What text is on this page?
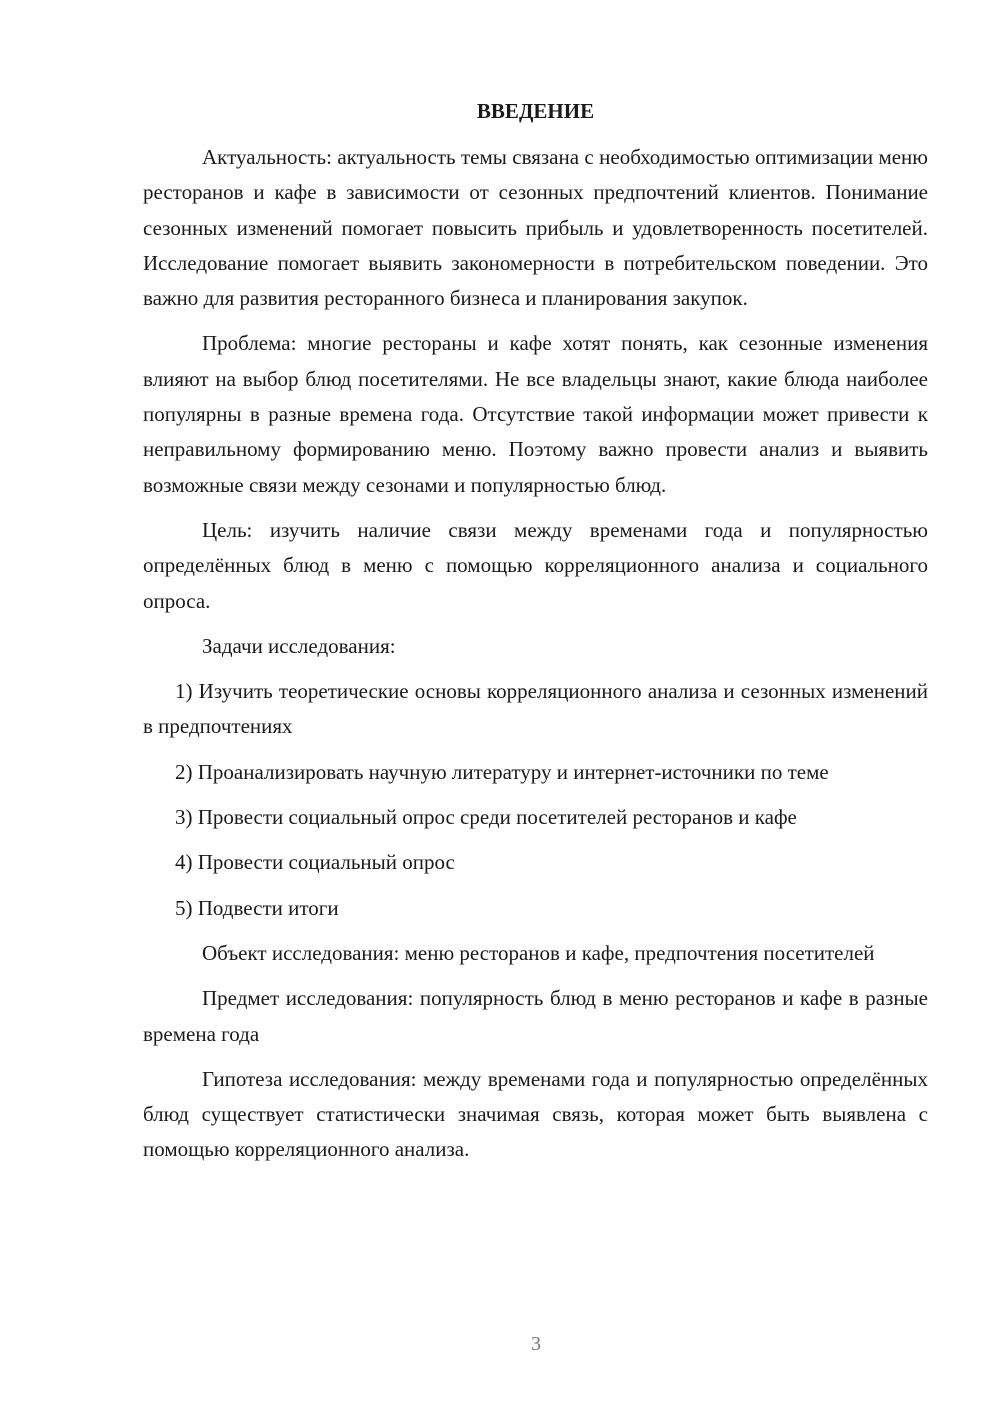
ВВЕДЕНИЕ

Актуальность: актуальность темы связана с необходимостью оптимизации меню ресторанов и кафе в зависимости от сезонных предпочтений клиентов. Понимание сезонных изменений помогает повысить прибыль и удовлетворенность посетителей. Исследование помогает выявить закономерности в потребительском поведении. Это важно для развития ресторанного бизнеса и планирования закупок.

Проблема: многие рестораны и кафе хотят понять, как сезонные изменения влияют на выбор блюд посетителями. Не все владельцы знают, какие блюда наиболее популярны в разные времена года. Отсутствие такой информации может привести к неправильному формированию меню. Поэтому важно провести анализ и выявить возможные связи между сезонами и популярностью блюд.

Цель: изучить наличие связи между временами года и популярностью определённых блюд в меню с помощью корреляционного анализа и социального опроса.

Задачи исследования:

1) Изучить теоретические основы корреляционного анализа и сезонных изменений в предпочтениях

2) Проанализировать научную литературу и интернет-источники по теме

3) Провести социальный опрос среди посетителей ресторанов и кафе

4) Провести социальный опрос

5) Подвести итоги

Объект исследования: меню ресторанов и кафе, предпочтения посетителей

Предмет исследования: популярность блюд в меню ресторанов и кафе в разные времена года

Гипотеза исследования: между временами года и популярностью определённых блюд существует статистически значимая связь, которая может быть выявлена с помощью корреляционного анализа.

3
